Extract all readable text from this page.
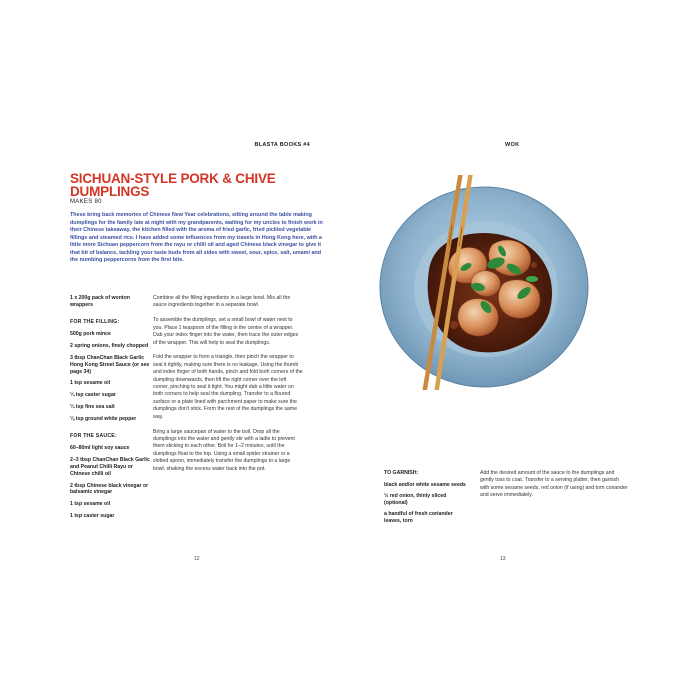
BLASTA BOOKS #4
SICHUAN-STYLE PORK & CHIVE DUMPLINGS
MAKES 80

These bring back memories of Chinese New Year celebrations, sitting around the table making dumplings for the family late at night with my grandparents, waiting for my uncles to finish work in their Chinese takeaway, the kitchen filled with the aroma of fried garlic, fried pickled vegetable fillings and steamed rice. I have added some influences from my travels in Hong Kong here, with a little more Sichuan peppercorn from the rayu or chilli oil and aged Chinese black vinegar to give it that bit of balance, tackling your taste buds from all sides with sweet, sour, spice, salt, umami and the numbing peppercorns from the first bite.

1 x 200g pack of wonton wrappers
FOR THE FILLING:
500g pork mince
2 spring onions, finely chopped
3 tbsp ChanChan Black Garlic Hong Kong Street Sauce (or see page 34)
1 tsp sesame oil
¼ tsp caster sugar
¼ tsp fine sea salt
⅛ tsp ground white pepper
FOR THE SAUCE:
60–80ml light soy sauce
2–3 tbsp ChanChan Black Garlic and Peanut Chilli Rayu or Chinese chilli oil
2 tbsp Chinese black vinegar or balsamic vinegar
1 tsp sesame oil
1 tsp caster sugar

Combine all the filling ingredients in a large bowl. Mix all the sauce ingredients together in a separate bowl.

To assemble the dumplings, set a small bowl of water next to you. Place 1 teaspoon of the filling in the centre of a wrapper. Dab your index finger into the water, then trace the outer edges of the wrapper. This will help to seal the dumplings.

Fold the wrapper to form a triangle, then pinch the wrapper to seal it tightly, making sure there is no leakage. Using the thumb and index finger of both hands, pinch and fold both corners of the dumpling downwards, then lift the right corner over the left corner, pinching to seal it tight. You might dab a little water on both corners to help seal the dumpling. Transfer to a floured surface or a plate lined with parchment paper to make sure the dumplings don't stick. Form the rest of the dumplings the same way.

Bring a large saucepan of water to the boil. Drop all the dumplings into the water and gently stir with a ladle to prevent them sticking to each other. Boil for 1–2 minutes, until the dumplings float to the top. Using a small spider strainer or a slotted spoon, immediately transfer the dumplings to a large bowl, shaking the excess water back into the pot.

12
WOK
TO GARNISH:
black and/or white sesame seeds
½ red onion, thinly sliced (optional)
a handful of fresh coriander leaves, torn

Add the desired amount of the sauce to the dumplings and gently toss to coat. Transfer to a serving platter, then garnish with some sesame seeds, red onion (if using) and torn coriander and serve immediately.

13
